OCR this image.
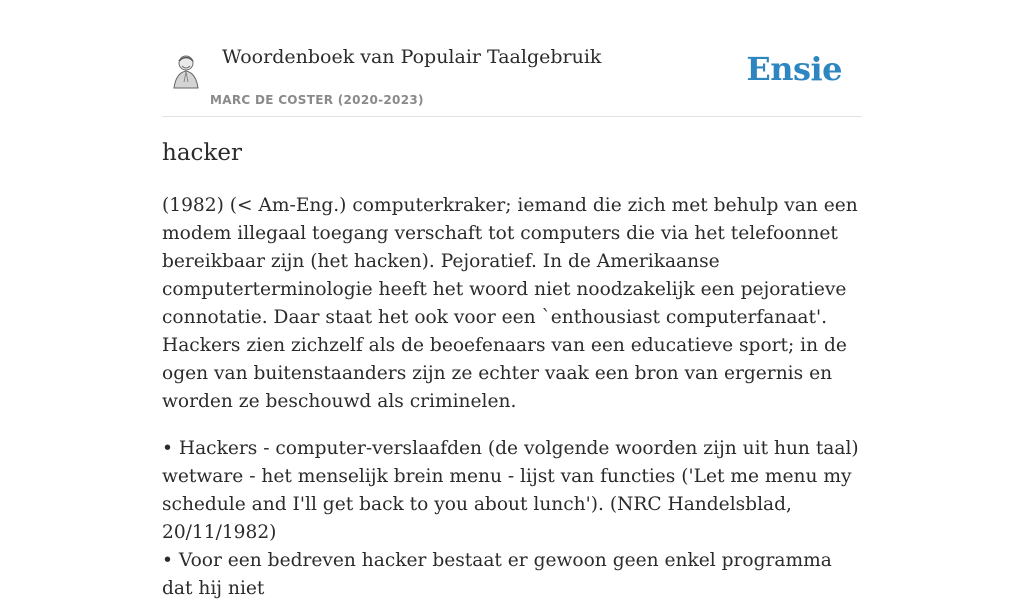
Woordenboek van Populair Taalgebruik
MARC DE COSTER (2020-2023)
Ensie
hacker

(1982) (< Am-Eng.) computerkraker; iemand die zich met behulp van een modem illegaal toegang verschaft tot computers die via het telefoonnet bereikbaar zijn (het hacken). Pejoratief. In de Amerikaanse computerterminologie heeft het woord niet noodzakelijk een pejoratieve connotatie. Daar staat het ook voor een `enthousiast computerfanaat'. Hackers zien zichzelf als de beoefenaars van een educatieve sport; in de ogen van buitenstaanders zijn ze echter vaak een bron van ergernis en worden ze beschouwd als criminelen.

• Hackers - computer-verslaafden (de volgende woorden zijn uit hun taal) wetware - het menselijk brein menu - lijst van functies ('Let me menu my schedule and I'll get back to you about lunch'). (NRC Handelsblad, 20/11/1982)
• Voor een bedreven hacker bestaat er gewoon geen enkel programma dat hij niet
